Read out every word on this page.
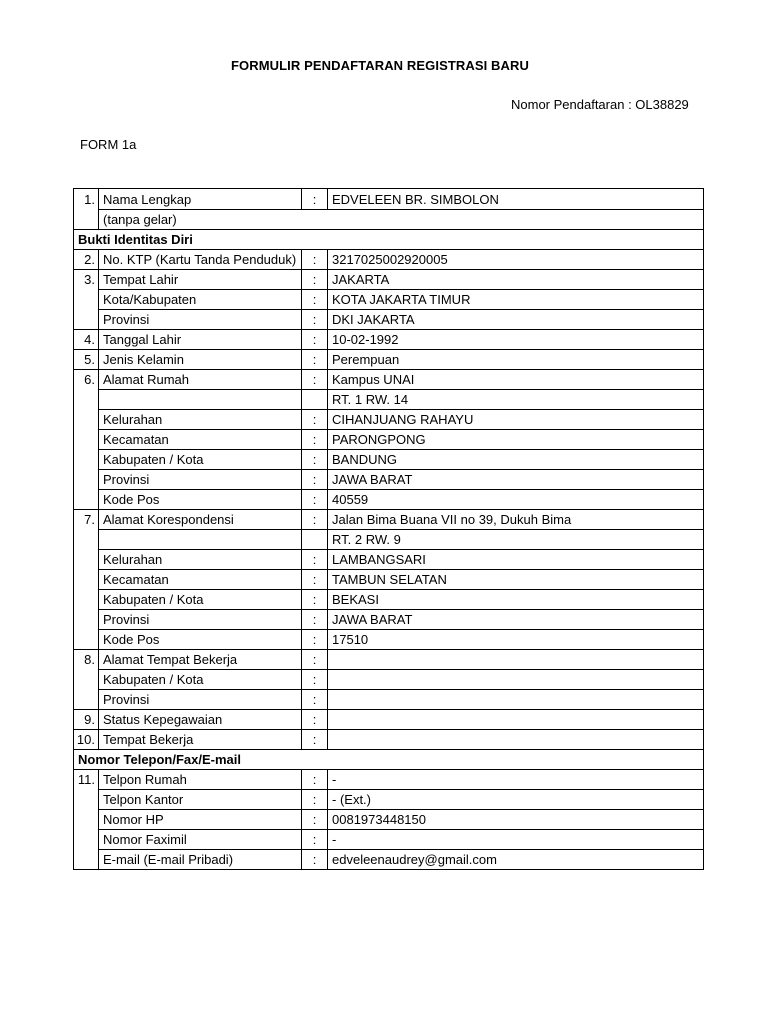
FORMULIR PENDAFTARAN REGISTRASI BARU
Nomor Pendaftaran : OL38829
FORM 1a
1.	Nama Lengkap	:	EDVELEEN BR. SIMBOLON
	(tanpa gelar)		
Bukti Identitas Diri			
2.	No. KTP (Kartu Tanda Penduduk)	:	3217025002920005
3.	Tempat Lahir	:	JAKARTA
	Kota/Kabupaten	:	KOTA JAKARTA TIMUR
	Provinsi	:	DKI JAKARTA
4.	Tanggal Lahir	:	10-02-1992
5.	Jenis Kelamin	:	Perempuan
6.	Alamat Rumah	:	Kampus UNAI
			RT. 1 RW. 14
	Kelurahan	:	CIHANJUANG RAHAYU
	Kecamatan	:	PARONGPONG
	Kabupaten / Kota	:	BANDUNG
	Provinsi	:	JAWA BARAT
	Kode Pos	:	40559
7.	Alamat Korespondensi	:	Jalan Bima Buana VII no 39, Dukuh Bima
			RT. 2 RW. 9
	Kelurahan	:	LAMBANGSARI
	Kecamatan	:	TAMBUN SELATAN
	Kabupaten / Kota	:	BEKASI
	Provinsi	:	JAWA BARAT
	Kode Pos	:	17510
8.	Alamat Tempat Bekerja	:	
	Kabupaten / Kota	:	
	Provinsi	:	
9.	Status Kepegawaian	:	
10.	Tempat Bekerja	:	
Nomor Telepon/Fax/E-mail			
11.	Telpon Rumah	:	-
	Telpon Kantor	:	- (Ext.)
	Nomor HP	:	0081973448150
	Nomor Faximil	:	-
	E-mail (E-mail Pribadi)	:	edveleenaudrey@gmail.com
